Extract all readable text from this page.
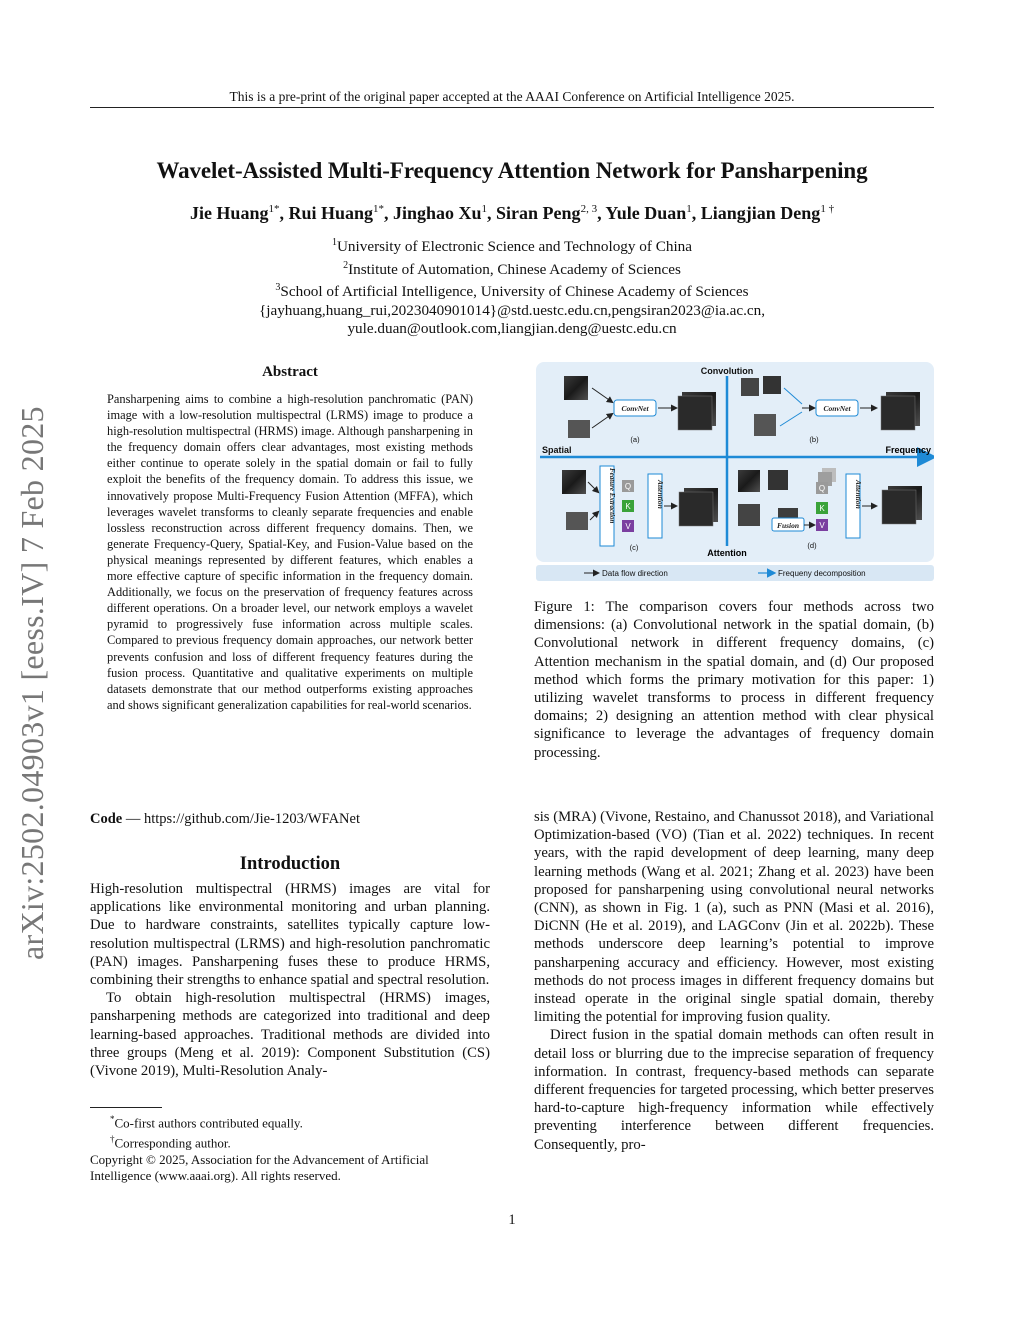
This is a pre-print of the original paper accepted at the AAAI Conference on Artificial Intelligence 2025.
Wavelet-Assisted Multi-Frequency Attention Network for Pansharpening
Jie Huang$^{1*}$, Rui Huang$^{1*}$, Jinghao Xu$^1$, Siran Peng$^{2, 3}$, Yule Duan$^1$, Liangjian Deng$^{1 \dagger}$
$^1$University of Electronic Science and Technology of China
$^2$Institute of Automation, Chinese Academy of Sciences
$^3$School of Artificial Intelligence, University of Chinese Academy of Sciences
{jayhuang,huang_rui,2023040901014}@std.uestc.edu.cn,pengsiran2023@ia.ac.cn,
yule.duan@outlook.com,liangjian.deng@uestc.edu.cn
arXiv:2502.04903v1 [eess.IV] 7 Feb 2025
Abstract
Pansharpening aims to combine a high-resolution panchromatic (PAN) image with a low-resolution multispectral (LRMS) image to produce a high-resolution multispectral (HRMS) image. Although pansharpening in the frequency domain offers clear advantages, most existing methods either continue to operate solely in the spatial domain or fail to fully exploit the benefits of the frequency domain. To address this issue, we innovatively propose Multi-Frequency Fusion Attention (MFFA), which leverages wavelet transforms to cleanly separate frequencies and enable lossless reconstruction across different frequency domains. Then, we generate Frequency-Query, Spatial-Key, and Fusion-Value based on the physical meanings represented by different features, which enables a more effective capture of specific information in the frequency domain. Additionally, we focus on the preservation of frequency features across different operations. On a broader level, our network employs a wavelet pyramid to progressively fuse information across multiple scales. Compared to previous frequency domain approaches, our network better prevents confusion and loss of different frequency features during the fusion process. Quantitative and qualitative experiments on multiple datasets demonstrate that our method outperforms existing approaches and shows significant generalization capabilities for real-world scenarios.
Code — https://github.com/Jie-1203/WFANet
Introduction

High-resolution multispectral (HRMS) images are vital for applications like environmental monitoring and urban planning. Due to hardware constraints, satellites typically capture low-resolution multispectral (LRMS) and high-resolution panchromatic (PAN) images. Pansharpening fuses these to produce HRMS, combining their strengths to enhance spatial and spectral resolution.

To obtain high-resolution multispectral (HRMS) images, pansharpening methods are categorized into traditional and deep learning-based approaches. Traditional methods are divided into three groups (Meng et al. 2019): Component Substitution (CS) (Vivone 2019), Multi-Resolution Analy-

*Co-first authors contributed equally.
†Corresponding author.
Copyright © 2025, Association for the Advancement of Artificial Intelligence (www.aaai.org). All rights reserved.
Convolution
Attention
Spatial	Frequency
ConvNet
(a)
ConvNet
(b)
Feature Extraction Q
K
V
Attention
(c)
Q
K
Fusion	V
Attention
(d)
Data flow direction	Frequeny decomposition
Figure 1: The comparison covers four methods across two dimensions: (a) Convolutional network in the spatial domain, (b) Convolutional network in different frequency domains, (c) Attention mechanism in the spatial domain, and (d) Our proposed method which forms the primary motivation for this paper: 1) utilizing wavelet transforms to process in different frequency domains; 2) designing an attention method with clear physical significance to leverage the advantages of frequency domain processing.

sis (MRA) (Vivone, Restaino, and Chanussot 2018), and Variational Optimization-based (VO) (Tian et al. 2022) techniques. In recent years, with the rapid development of deep learning, many deep learning methods (Wang et al. 2021; Zhang et al. 2023) have been proposed for pansharpening using convolutional neural networks (CNN), as shown in Fig. 1 (a), such as PNN (Masi et al. 2016), DiCNN (He et al. 2019), and LAGConv (Jin et al. 2022b). These methods underscore deep learning’s potential to improve pansharpening accuracy and efficiency. However, most existing methods do not process images in different frequency domains but instead operate in the original single spatial domain, thereby limiting the potential for improving fusion quality.

Direct fusion in the spatial domain methods can often result in detail loss or blurring due to the imprecise separation of frequency information. In contrast, frequency-based methods can separate different frequencies for targeted processing, which better preserves hard-to-capture high-frequency information while effectively preventing interference between different frequencies. Consequently, pro-

1
